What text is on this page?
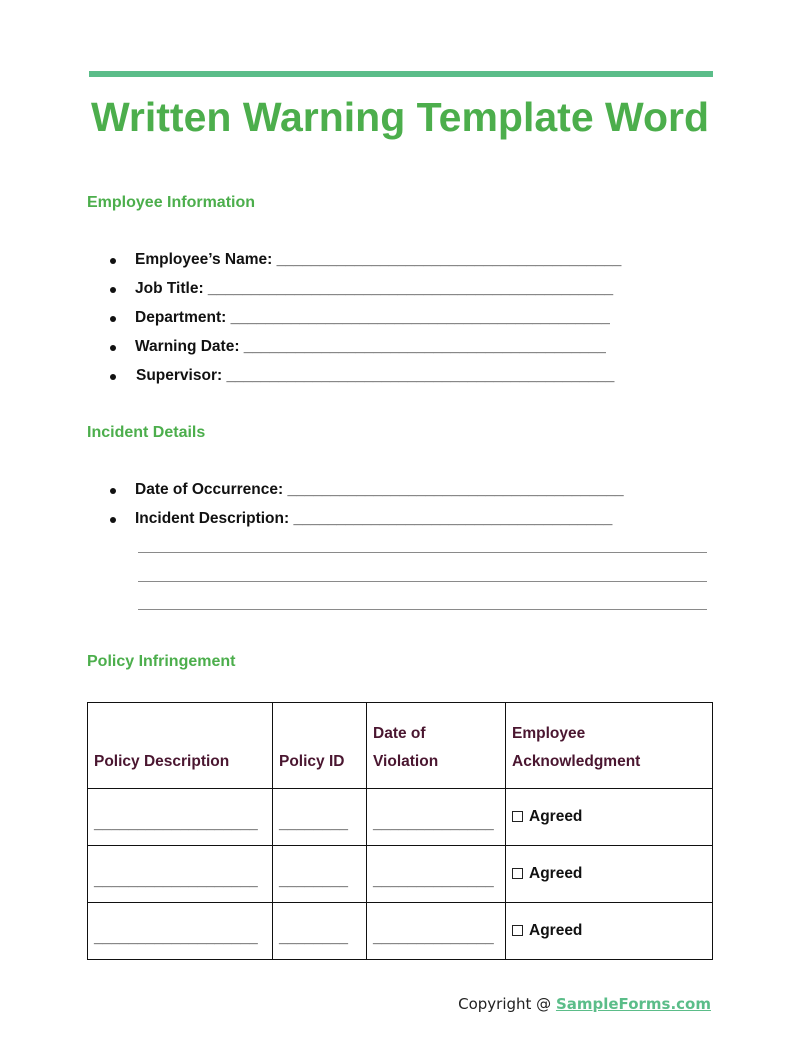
Written Warning Template Word
Employee Information
Employee’s Name: ________________________________________
Job Title: _______________________________________________
Department: ____________________________________________
Warning Date: __________________________________________
Supervisor: _____________________________________________
Incident Details
Date of Occurrence: _______________________________________
Incident Description: _____________________________________
Policy Infringement
Policy Description	Policy ID	Date of Violation	Employee Acknowledgment
___________________	________	______________	Agreed
___________________	________	______________	Agreed
___________________	________	______________	Agreed
Copyright @ SampleForms.com
